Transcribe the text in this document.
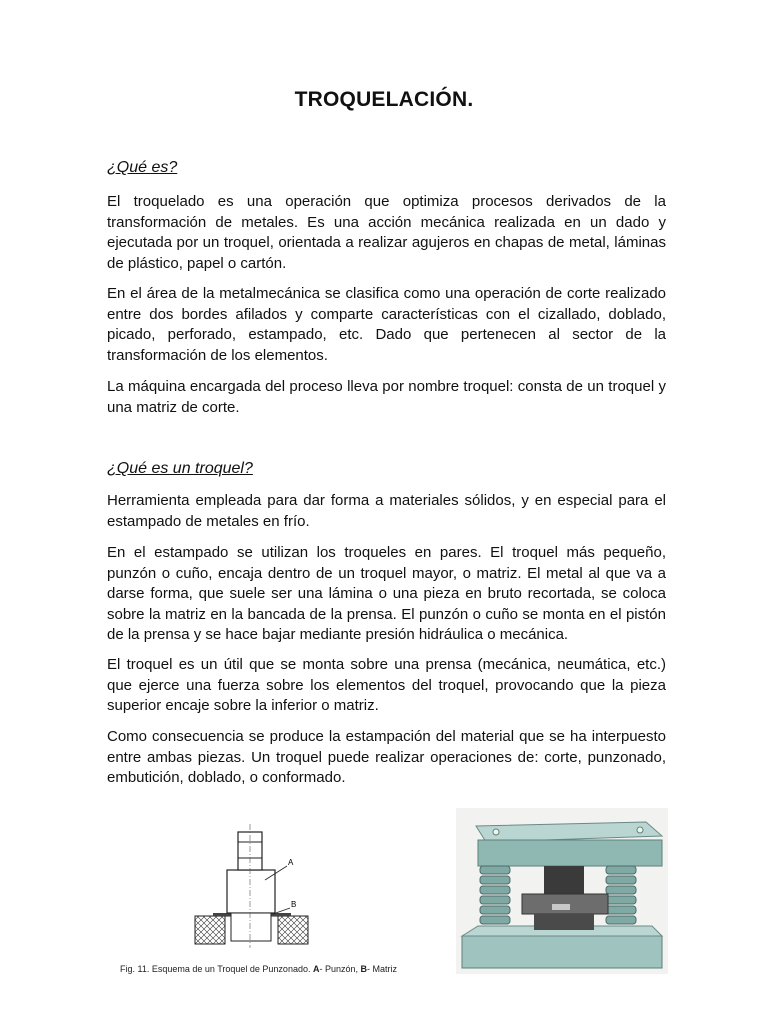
TROQUELACIÓN.
¿Qué es?

El troquelado es una operación que optimiza procesos derivados de la transformación de metales. Es una acción mecánica realizada en un dado y ejecutada por un troquel, orientada a realizar agujeros en chapas de metal, láminas de plástico, papel o cartón.

En el área de la metalmecánica se clasifica como una operación de corte realizado entre dos bordes afilados y comparte características con el cizallado, doblado, picado, perforado, estampado, etc. Dado que pertenecen al sector de la transformación de los elementos.

La máquina encargada del proceso lleva por nombre troquel: consta de un troquel y una matriz de corte.

¿Qué es un troquel?

Herramienta empleada para dar forma a materiales sólidos, y en especial para el estampado de metales en frío.

En el estampado se utilizan los troqueles en pares. El troquel más pequeño, punzón o cuño, encaja dentro de un troquel mayor, o matriz. El metal al que va a darse forma, que suele ser una lámina o una pieza en bruto recortada, se coloca sobre la matriz en la bancada de la prensa. El punzón o cuño se monta en el pistón de la prensa y se hace bajar mediante presión hidráulica o mecánica.

El troquel es un útil que se monta sobre una prensa (mecánica, neumática, etc.) que ejerce una fuerza sobre los elementos del troquel, provocando que la pieza superior encaje sobre la inferior o matriz.

Como consecuencia se produce la estampación del material que se ha interpuesto entre ambas piezas. Un troquel puede realizar operaciones de: corte, punzonado, embutición, doblado, o conformado.

A
B
Fig. 11. Esquema de un Troquel de Punzonado. A- Punzón, B- Matriz
